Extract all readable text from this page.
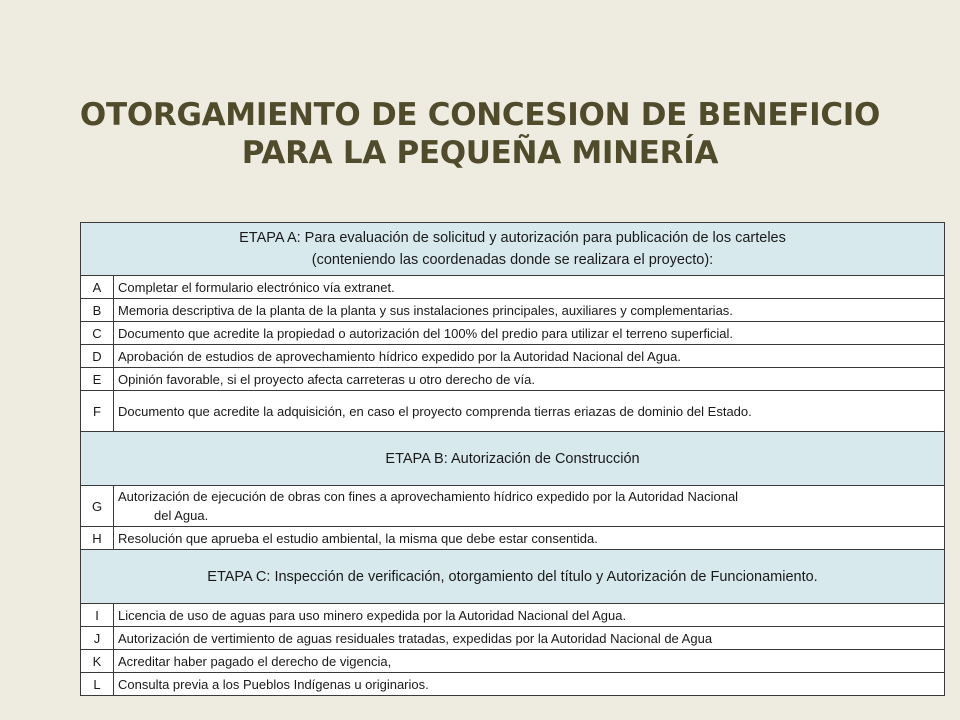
OTORGAMIENTO DE CONCESION DE BENEFICIO
PARA LA PEQUEÑA MINERÍA
ETAPA A: Para evaluación de solicitud y autorización para publicación de los carteles
(conteniendo las coordenadas donde se realizara el proyecto):	

A	Completar el formulario electrónico vía extranet.
B	Memoria descriptiva de la planta de la planta y sus instalaciones principales, auxiliares y complementarias.
C	Documento que acredite la propiedad o autorización del 100% del predio para utilizar el terreno superficial.
D	Aprobación de estudios de aprovechamiento hídrico expedido por la Autoridad Nacional del Agua.
E	Opinión favorable, si el proyecto afecta carreteras u otro derecho de vía.
F	Documento que acredite la adquisición, en caso el proyecto comprenda tierras eriazas de dominio del Estado.
ETAPA B: Autorización de Construcción	
G	Autorización de ejecución de obras con fines a aprovechamiento hídrico expedido por la Autoridad Nacional
del Agua.

H	Resolución que aprueba el estudio ambiental, la misma que debe estar consentida.
ETAPA C: Inspección de verificación, otorgamiento del título y Autorización de Funcionamiento.	
I	Licencia de uso de aguas para uso minero expedida por la Autoridad Nacional del Agua.
J	Autorización de vertimiento de aguas residuales tratadas, expedidas por la Autoridad Nacional de Agua
K	Acreditar haber pagado el derecho de vigencia,
L	Consulta previa a los Pueblos Indígenas u originarios.
